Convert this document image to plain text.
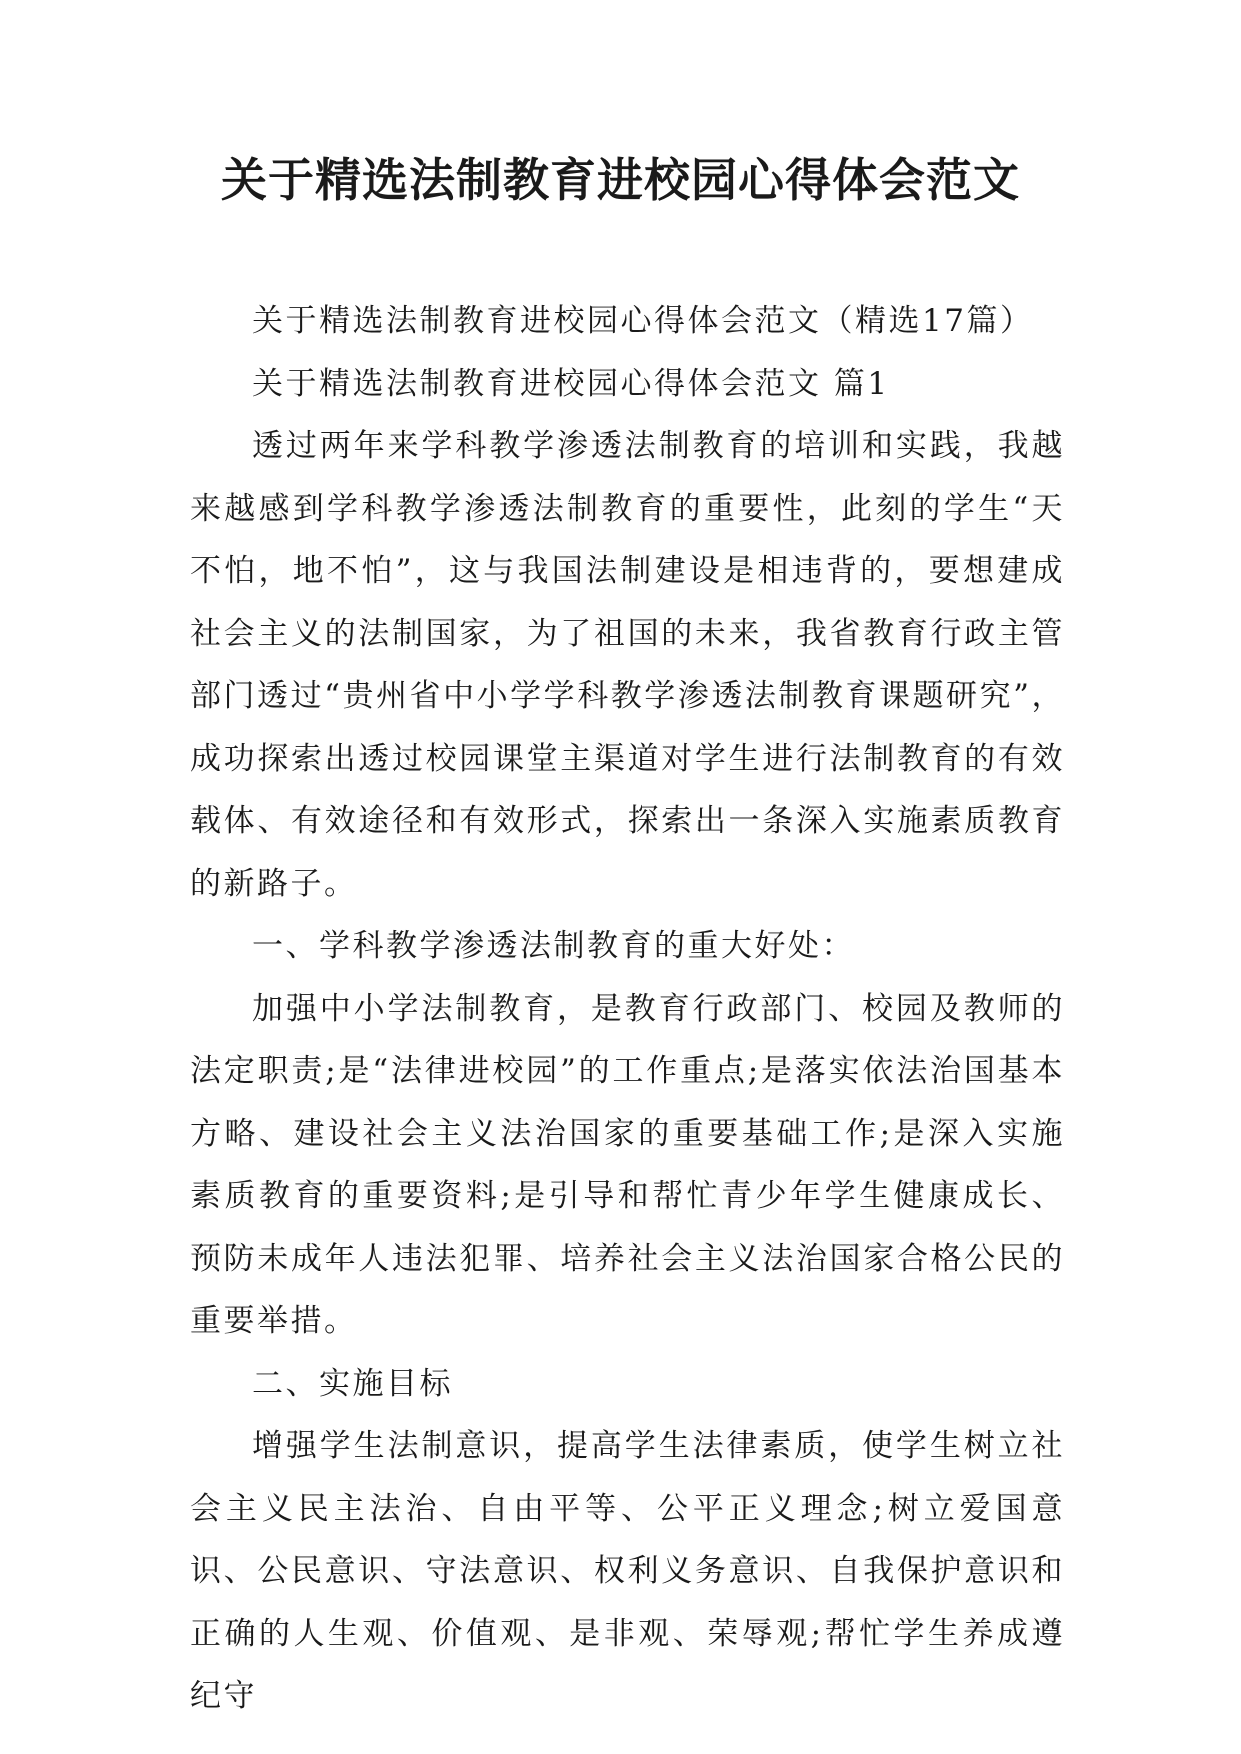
关于精选法制教育进校园心得体会范文

关于精选法制教育进校园心得体会范文（精选17篇）

关于精选法制教育进校园心得体会范文 篇1

透过两年来学科教学渗透法制教育的培训和实践，我越来越感到学科教学渗透法制教育的重要性，此刻的学生“天不怕，地不怕”，这与我国法制建设是相违背的，要想建成社会主义的法制国家，为了祖国的未来，我省教育行政主管部门透过“贵州省中小学学科教学渗透法制教育课题研究”，成功探索出透过校园课堂主渠道对学生进行法制教育的有效载体、有效途径和有效形式，探索出一条深入实施素质教育的新路子。

一、学科教学渗透法制教育的重大好处：

加强中小学法制教育，是教育行政部门、校园及教师的法定职责;是“法律进校园”的工作重点;是落实依法治国基本方略、建设社会主义法治国家的重要基础工作;是深入实施素质教育的重要资料;是引导和帮忙青少年学生健康成长、预防未成年人违法犯罪、培养社会主义法治国家合格公民的重要举措。

二、实施目标

增强学生法制意识，提高学生法律素质，使学生树立社会主义民主法治、自由平等、公平正义理念;树立爱国意识、公民意识、守法意识、权利义务意识、自我保护意识和正确的人生观、价值观、是非观、荣辱观;帮忙学生养成遵纪守
